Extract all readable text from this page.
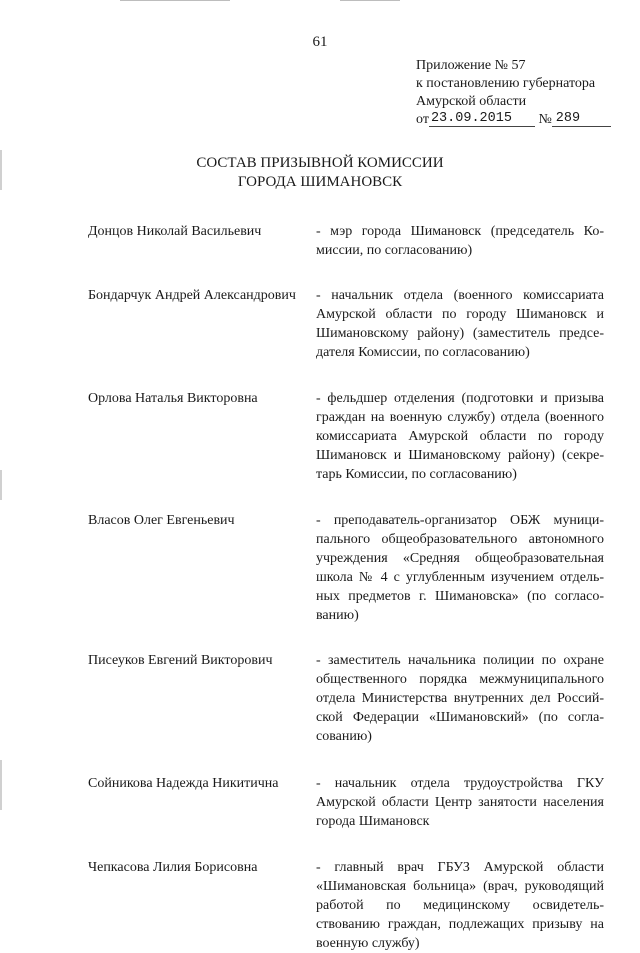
61
Приложение № 57
к постановлению губернатора
Амурской области
от 23.09.2015 № 289
СОСТАВ ПРИЗЫВНОЙ КОМИССИИ
ГОРОДА ШИМАНОВСК
Донцов Николай Васильевич	- мэр города Шимановск (председатель Комиссии, по согласованию)
Бондарчук Андрей Александрович	- начальник отдела (военного комиссариата Амурской области по городу Шимановск и Шимановскому району) (заместитель председателя Комиссии, по согласованию)
Орлова Наталья Викторовна	- фельдшер отделения (подготовки и призыва граждан на военную службу) отдела (военного комиссариата Амурской области по городу Шимановск и Шимановскому району) (секретарь Комиссии, по согласованию)
Власов Олег Евгеньевич	- преподаватель-организатор ОБЖ муниципального общеобразовательного автономного учреждения «Средняя общеобразовательная школа № 4 с углубленным изучением отдельных предметов г. Шимановска» (по согласованию)
Писеуков Евгений Викторович	- заместитель начальника полиции по охране общественного порядка межмуниципального отдела Министерства внутренних дел Российской Федерации «Шимановский» (по согласованию)
Сойникова Надежда Никитична	- начальник отдела трудоустройства ГКУ Амурской области Центр занятости населения города Шимановск
Чепкасова Лилия Борисовна	- главный врач ГБУЗ Амурской области «Шимановская больница» (врач, руководящий работой по медицинскому освидетельствованию граждан, подлежащих призыву на военную службу)
